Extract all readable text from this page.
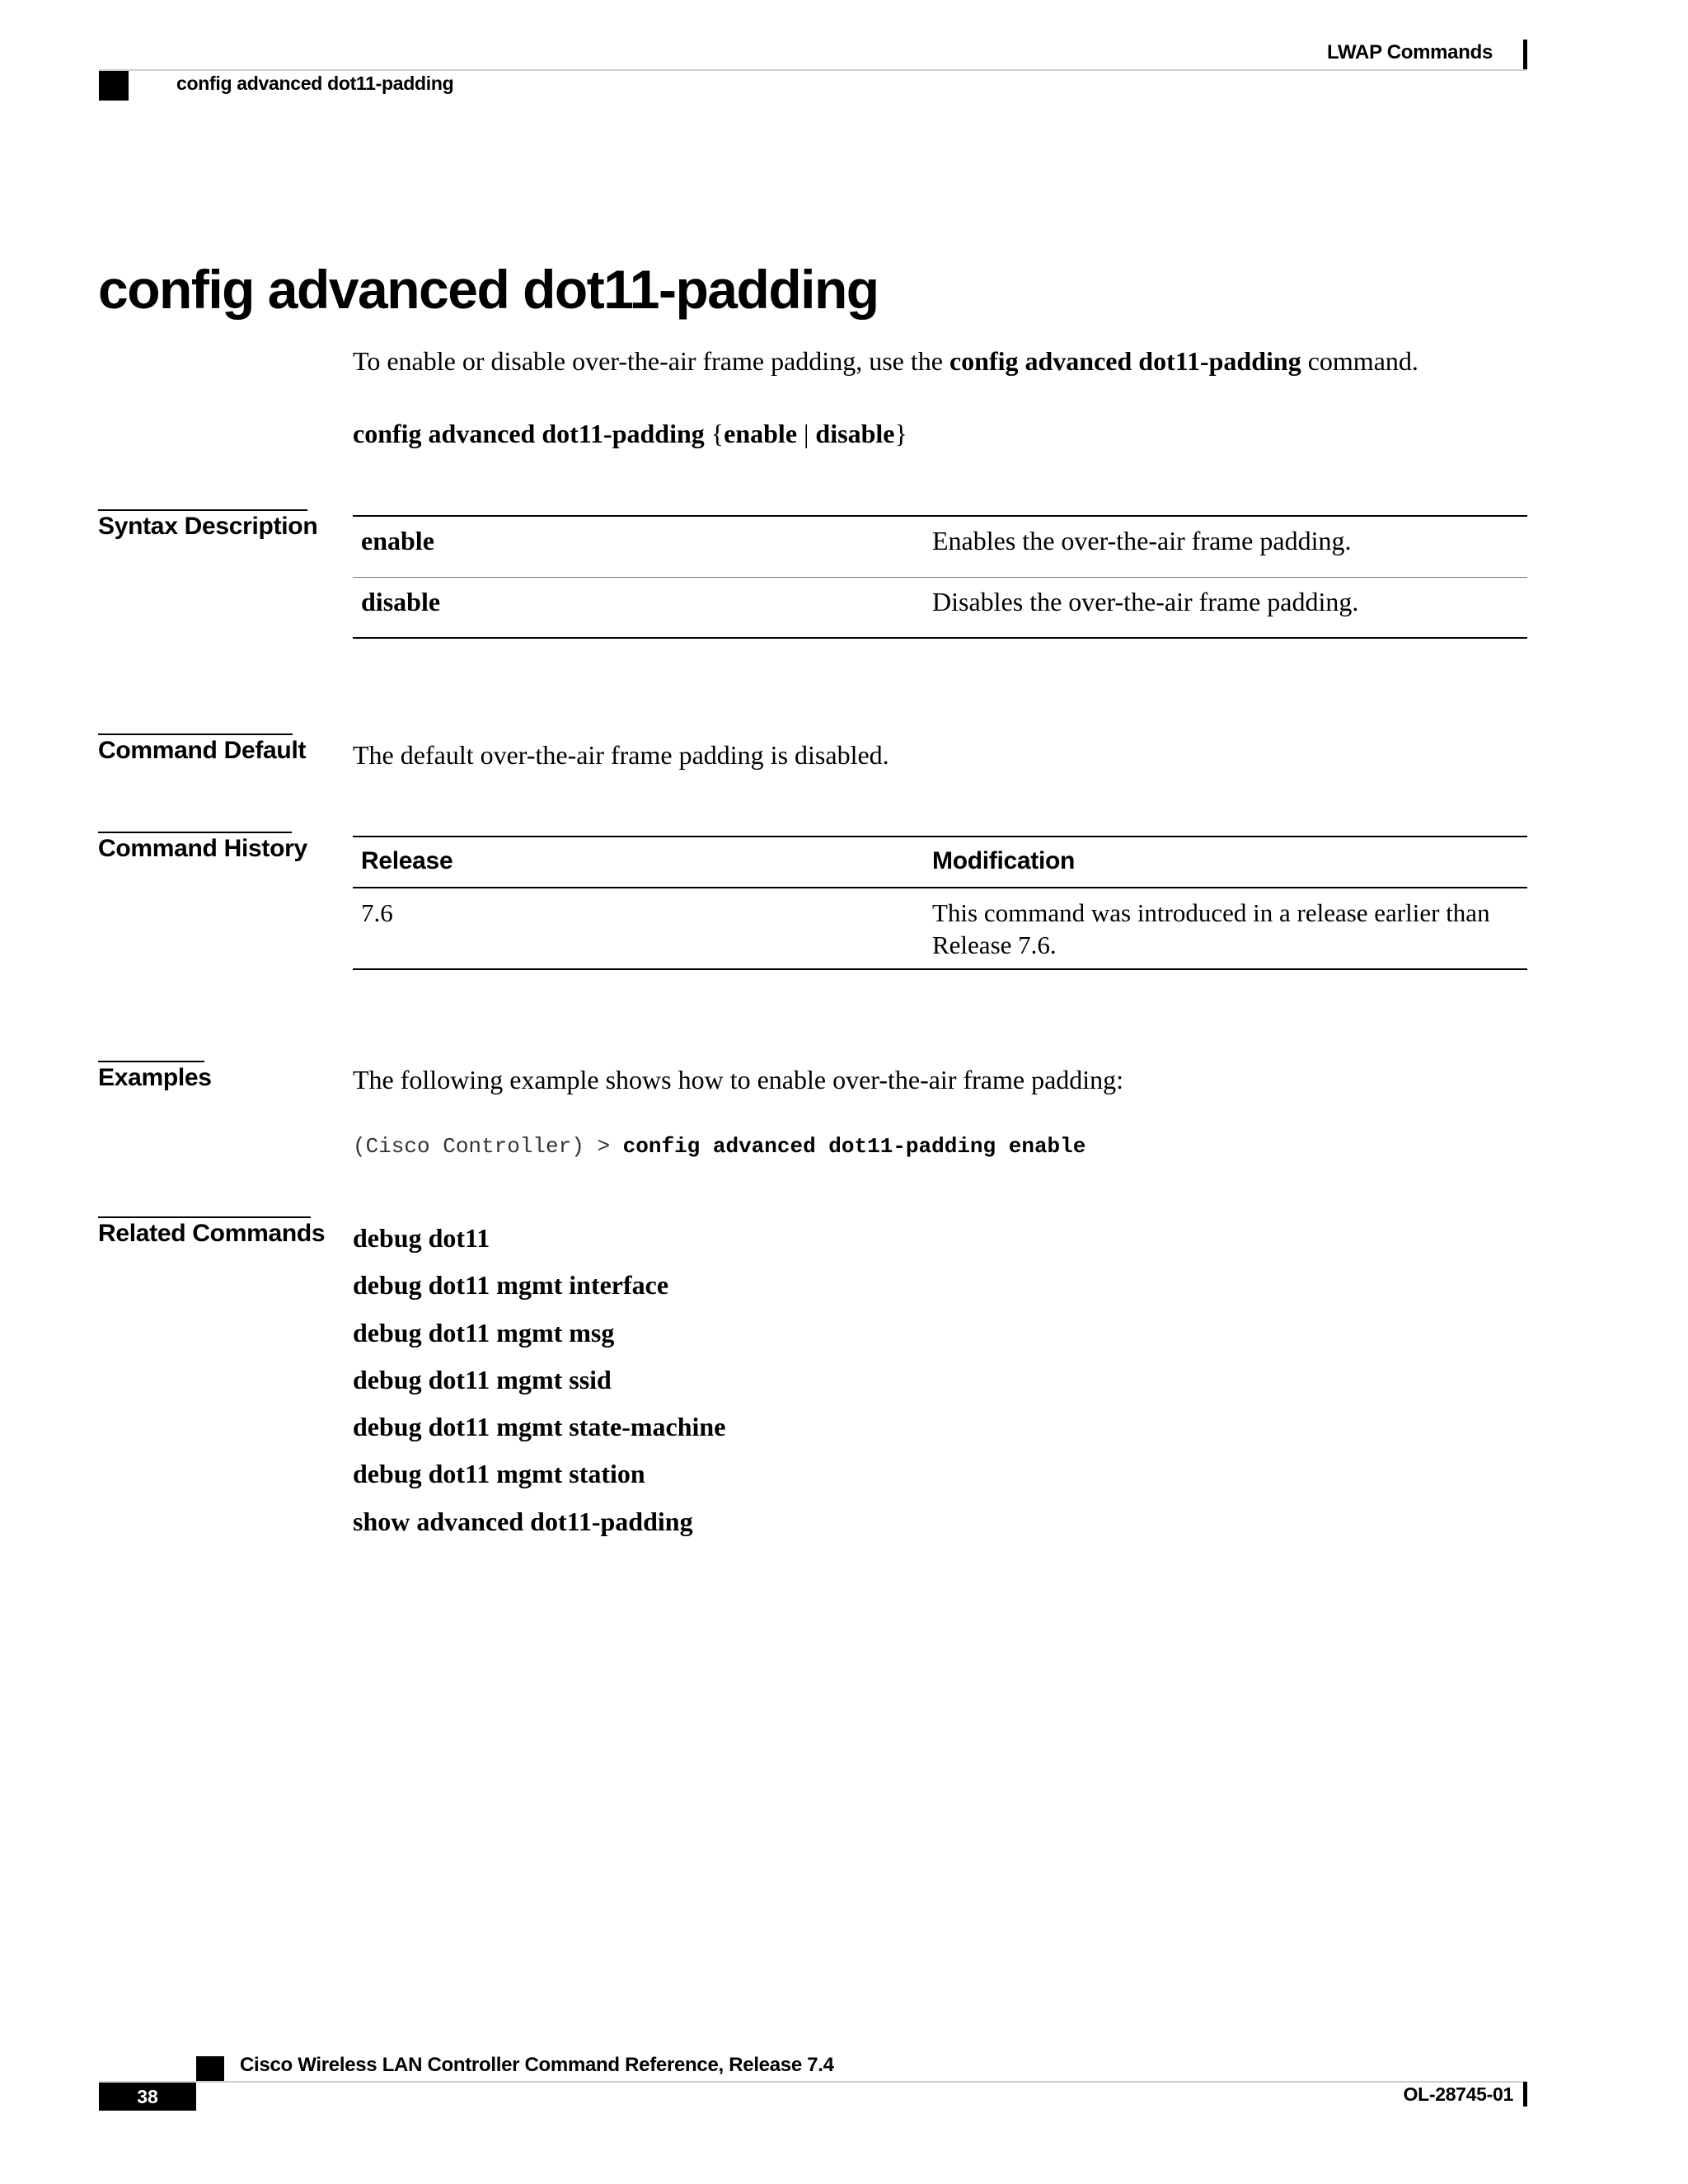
LWAP Commands
config advanced dot11-padding
config advanced dot11-padding
To enable or disable over-the-air frame padding, use the config advanced dot11-padding command.
config advanced dot11-padding {enable | disable}
Syntax Description enable	Enables the over-the-air frame padding.
disable	Disables the over-the-air frame padding.
Command Default The default over-the-air frame padding is disabled.
Command History Release	Modification
7.6	This command was introduced in a release earlier than Release 7.6.
Examples	The following example shows how to enable over-the-air frame padding:
(Cisco Controller) > config advanced dot11-padding enable
Related Commands debug dot11
debug dot11 mgmt interface
debug dot11 mgmt msg
debug dot11 mgmt ssid
debug dot11 mgmt state-machine
debug dot11 mgmt station
show advanced dot11-padding
Cisco Wireless LAN Controller Command Reference, Release 7.4
38	OL-28745-01
